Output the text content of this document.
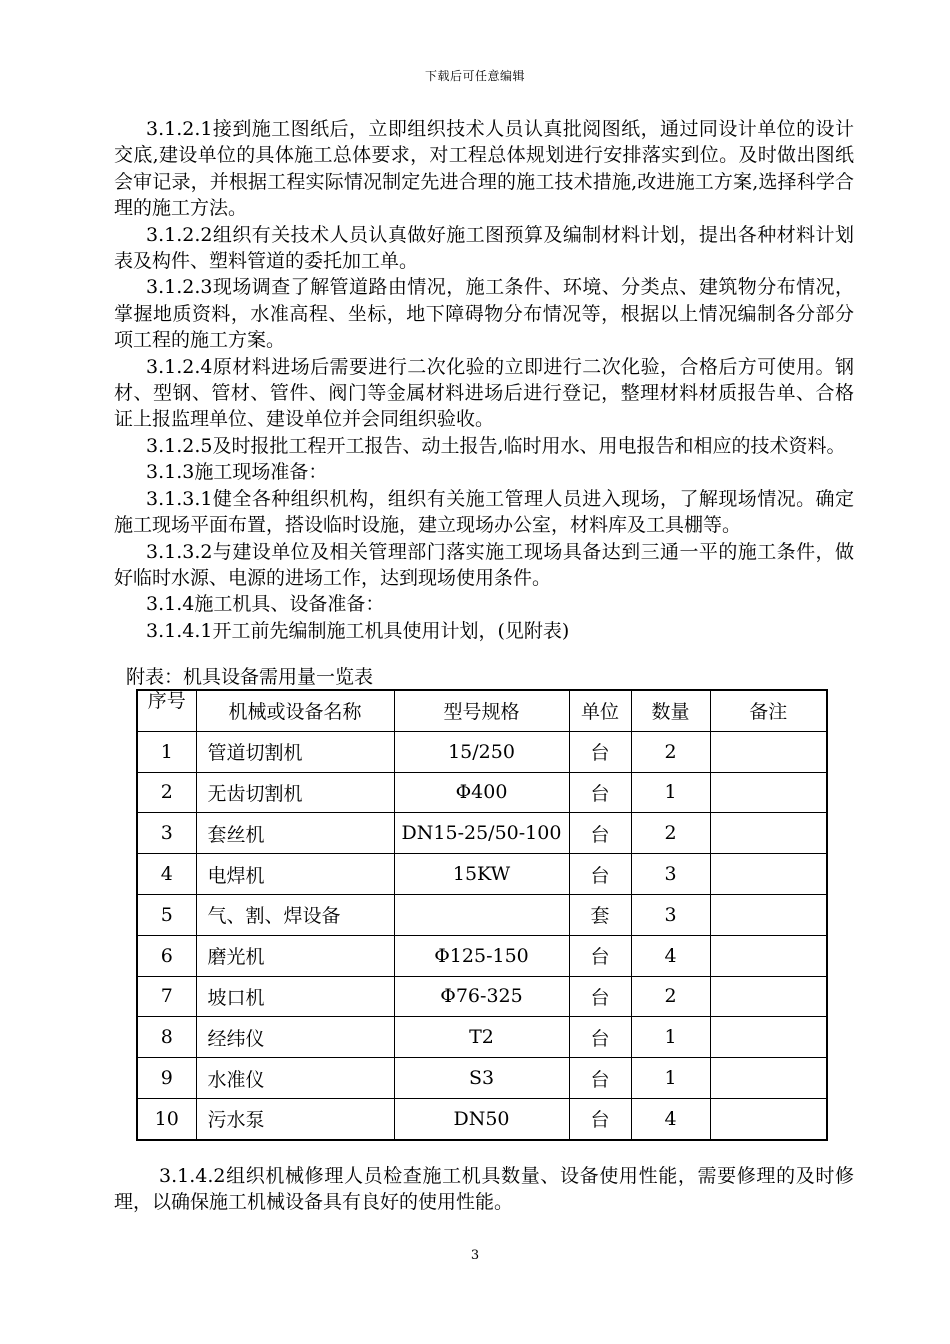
下载后可任意编辑

3.1.2.1接到施工图纸后，立即组织技术人员认真批阅图纸，通过同设计单位的设计交底,建设单位的具体施工总体要求，对工程总体规划进行安排落实到位。及时做出图纸会审记录，并根据工程实际情况制定先进合理的施工技术措施,改进施工方案,选择科学合理的施工方法。

3.1.2.2组织有关技术人员认真做好施工图预算及编制材料计划，提出各种材料计划表及构件、塑料管道的委托加工单。

3.1.2.3现场调查了解管道路由情况，施工条件、环境、分类点、建筑物分布情况，掌握地质资料，水准高程、坐标，地下障碍物分布情况等，根据以上情况编制各分部分项工程的施工方案。

3.1.2.4原材料进场后需要进行二次化验的立即进行二次化验，合格后方可使用。钢材、型钢、管材、管件、阀门等金属材料进场后进行登记，整理材料材质报告单、合格证上报监理单位、建设单位并会同组织验收。

3.1.2.5及时报批工程开工报告、动土报告,临时用水、用电报告和相应的技术资料。

3.1.3施工现场准备：

3.1.3.1健全各种组织机构，组织有关施工管理人员进入现场，了解现场情况。确定施工现场平面布置，搭设临时设施，建立现场办公室，材料库及工具棚等。

3.1.3.2与建设单位及相关管理部门落实施工现场具备达到三通一平的施工条件，做好临时水源、电源的进场工作，达到现场使用条件。

3.1.4施工机具、设备准备：

3.1.4.1开工前先编制施工机具使用计划，(见附表)

附表：机具设备需用量一览表
序号	机械或设备名称	型号规格	单位	数量	备注
1	管道切割机	15/250	台	2	
2	无齿切割机	Φ400	台	1	
3	套丝机	DN15-25/50-100	台	2	
4	电焊机	15KW	台	3	
5	气、割、焊设备		套	3	
6	磨光机	Φ125-150	台	4	
7	坡口机	Φ76-325	台	2	
8	经纬仪	T2	台	1	
9	水准仪	S3	台	1	
10	污水泵	DN50	台	4	

3.1.4.2组织机械修理人员检查施工机具数量、设备使用性能，需要修理的及时修理，以确保施工机械设备具有良好的使用性能。

3
